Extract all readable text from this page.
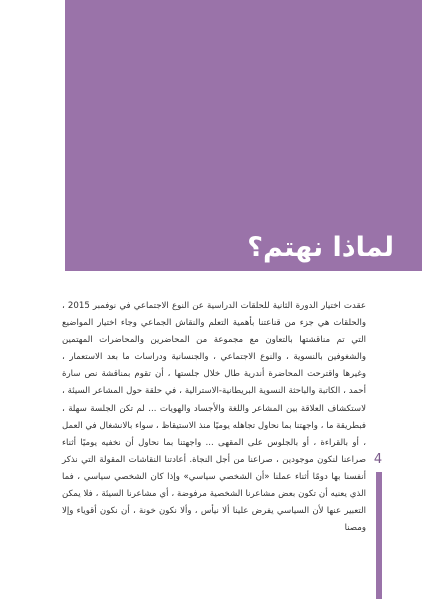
لماذا نهتم؟

عقدت اختيار الدورة الثانية للحلقات الدراسية عن النوع الاجتماعي في نوفمبر 2015 ، والحلقات هي جزء من قناعتنا بأهمية التعلم والنقاش الجماعي وجاء اختيار المواضيع التي تم مناقشتها بالتعاون مع مجموعة من المحاضرين والمحاضرات المهتمين والشغوفين بالنسوية ، والنوع الاجتماعي ، والجنسانية ودراسات ما بعد الاستعمار ، وغيرها واقترحت المحاضرة أندرية طال خلال جلستها ، أن تقوم بمناقشة نص سارة أحمد ، الكاتبة والباحثة النسوية البريطانية-الاسترالية ، في حلقة حول المشاعر السيئة ، لاستكشاف العلاقة بين المشاعر واللغة والأجساد والهويات ... لم تكن الجلسة سهلة ، فبطريقة ما ، واجهتنا بما نحاول تجاهله يوميًا منذ الاستيقاظ ، سواء بالانشغال في العمل ، أو بالقراءة ، أو بالجلوس على المقهى ... واجهتنا بما نحاول أن نخفيه يوميًا أثناء صراعنا لنكون موجودين ، صراعنا من أجل النجاة. أعادتنا النقاشات المقولة التي نذكر أنفسنا بها دومًا أثناء عملنا «أن الشخصي سياسي» وإذا كان الشخصي سياسي ، فما الذي يعنيه أن تكون بعض مشاعرنا الشخصية مرفوضة ، أي مشاعرنا السيئة ، فلا يمكن التعبير عنها لأن السياسي يفرض علينا ألا نيأس ، وألا نكون خونة ، أن نكون أقوياء وإلا ومصنا

4
